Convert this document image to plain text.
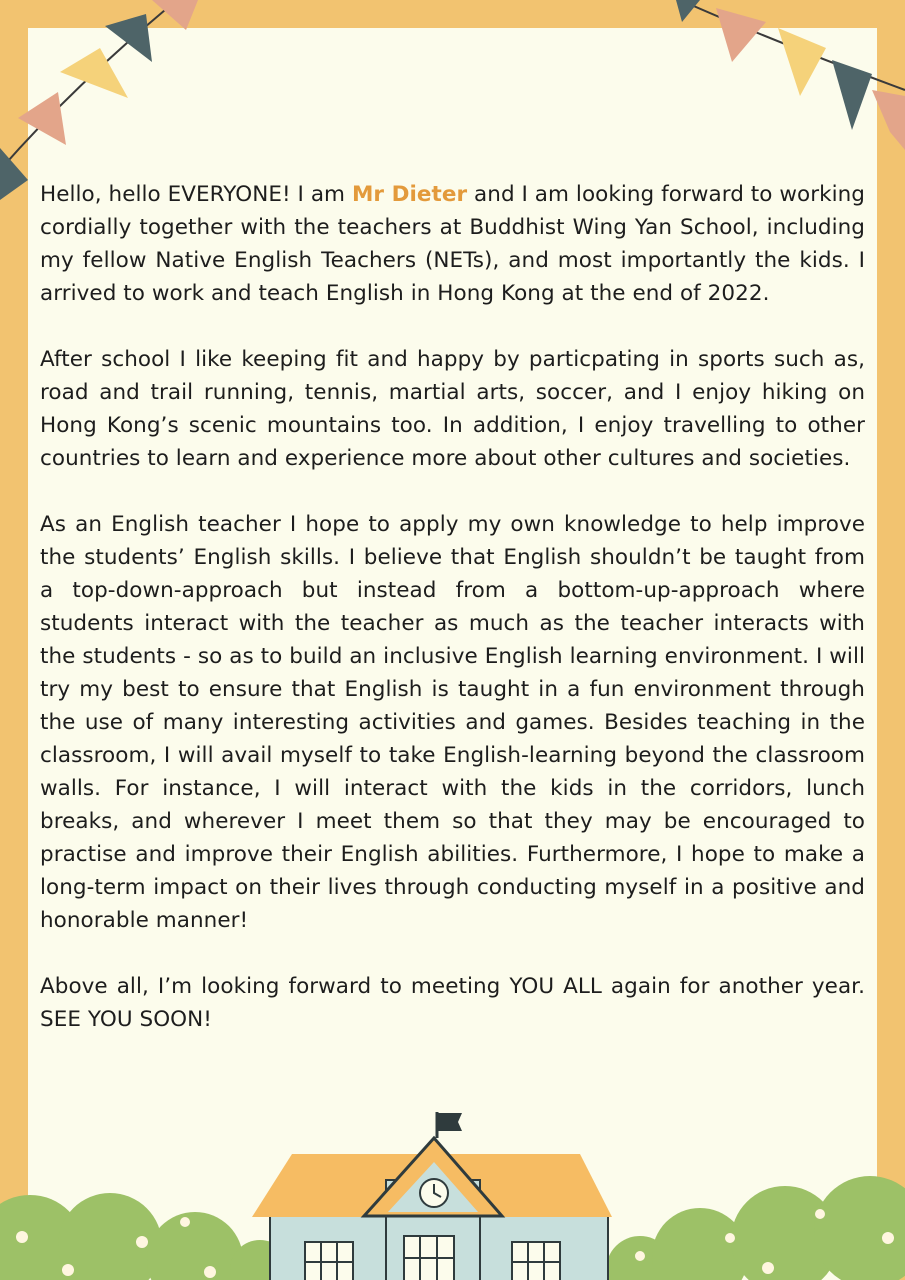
Hello, hello EVERYONE! I am Mr Dieter and I am looking forward to working cordially together with the teachers at Buddhist Wing Yan School, including my fellow Native English Teachers (NETs), and most importantly the kids. I arrived to work and teach English in Hong Kong at the end of 2022.

After school I like keeping fit and happy by particpating in sports such as, road and trail running, tennis, martial arts, soccer, and I enjoy hiking on Hong Kong’s scenic mountains too. In addition, I enjoy travelling to other countries to learn and experience more about other cultures and societies.

As an English teacher I hope to apply my own knowledge to help improve the students’ English skills. I believe that English shouldn’t be taught from a top-down-approach but instead from a bottom-up-approach where students interact with the teacher as much as the teacher interacts with the students - so as to build an inclusive English learning environment. I will try my best to ensure that English is taught in a fun environment through the use of many interesting activities and games. Besides teaching in the classroom, I will avail myself to take English-learning beyond the classroom walls. For instance, I will interact with the kids in the corridors, lunch breaks, and wherever I meet them so that they may be encouraged to practise and improve their English abilities. Furthermore, I hope to make a long-term impact on their lives through conducting myself in a positive and honorable manner!

Above all, I’m looking forward to meeting YOU ALL again for another year. SEE YOU SOON!
